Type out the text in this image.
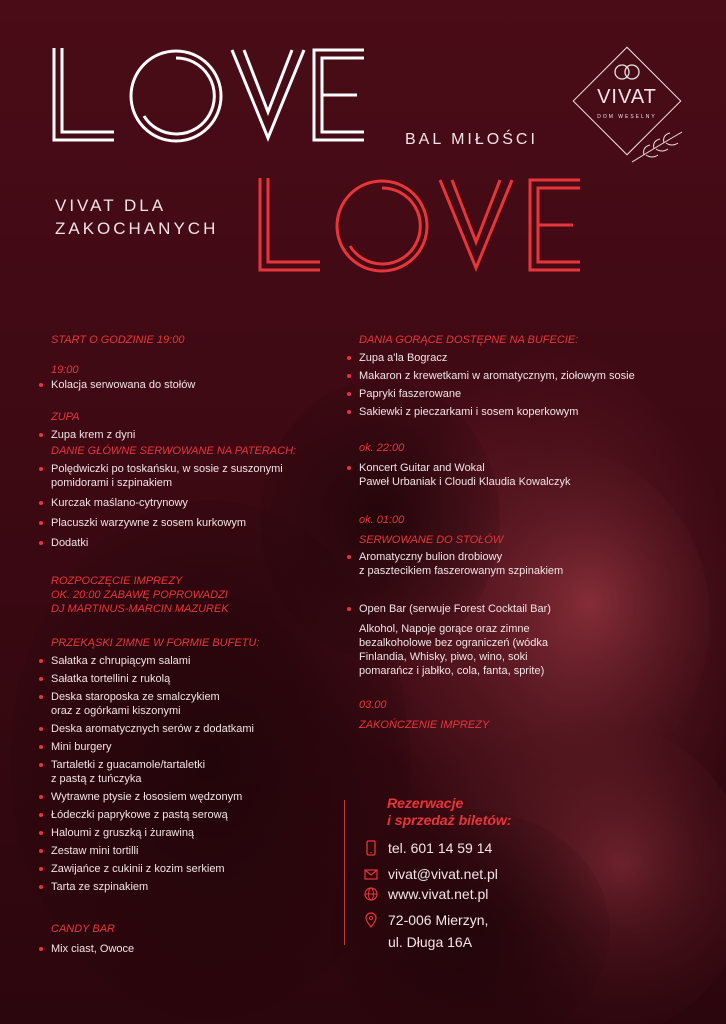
BAL MIŁOŚCI
VIVAT
DOM WESELNY
VIVAT DLA
ZAKOCHANYCH
START O GODZINIE 19:00
19:00
Kolacja serwowana do stołów
ZUPA
Zupa krem z dyni
DANIE GŁÓWNE SERWOWANE NA PATERACH:
Polędwiczki po toskańsku, w sosie z suszonymi
pomidorami i szpinakiem
Kurczak maślano-cytrynowy
Placuszki warzywne z sosem kurkowym
Dodatki
ROZPOCZĘCIE IMPREZY
OK. 20:00 ZABAWĘ POPROWADZI
DJ MARTINUS-MARCIN MAZUREK
PRZEKĄSKI ZIMNE W FORMIE BUFETU:
Sałatka z chrupiącym salami
Sałatka tortellini z rukolą
Deska staroposka ze smalczykiem
oraz z ogórkami kiszonymi
Deska aromatycznych serów z dodatkami
Mini burgery
Tartaletki z guacamole/tartaletki
z pastą z tuńczyka
Wytrawne ptysie z łososiem wędzonym
Łódeczki paprykowe z pastą serową
Haloumi z gruszką i żurawiną
Zestaw mini tortilli
Zawijańce z cukinii z kozim serkiem
Tarta ze szpinakiem
CANDY BAR
Mix ciast, Owoce
DANIA GORĄCE DOSTĘPNE NA BUFECIE:
Zupa a'la Bogracz
Makaron z krewetkami w aromatycznym, ziołowym sosie
Papryki faszerowane
Sakiewki z pieczarkami i sosem koperkowym
ok. 22:00
Koncert Guitar and Wokal
Paweł Urbaniak i Cloudi Klaudia Kowalczyk
ok. 01:00
SERWOWANE DO STOŁÓW
Aromatyczny bulion drobiowy
z pasztecikiem faszerowanym szpinakiem
Open Bar (serwuje Forest Cocktail Bar)
Alkohol, Napoje gorące oraz zimne
bezalkoholowe bez ograniczeń (wódka
Finlandia, Whisky, piwo, wino, soki
pomarańcz i jabłko, cola, fanta, sprite)
03.00
ZAKOŃCZENIE IMPREZY
Rezerwacje
i sprzedaż biletów:
tel. 601 14 59 14
vivat@vivat.net.pl
www.vivat.net.pl
72-006 Mierzyn,
ul. Długa 16A
